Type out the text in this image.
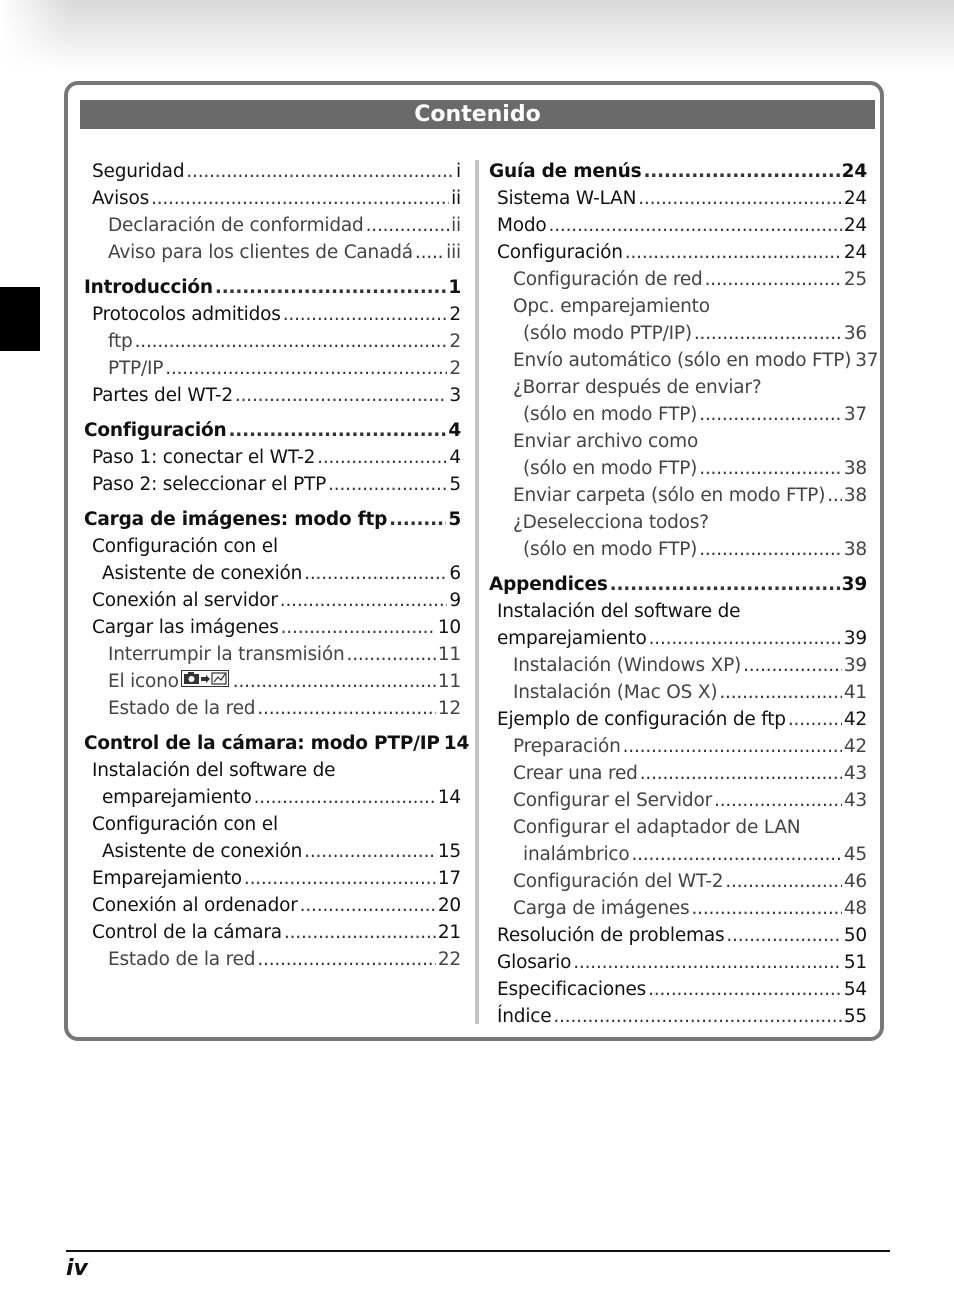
Contenido
Seguridad .....	i
Avisos .....	ii
Declaración de conformidad .....	ii
Aviso para los clientes de Canadá ..... iii
Introducción .....	1
Protocolos admitidos .....	2
ftp .....	2
PTP/IP .....	2
Partes del WT-2 .....	3
Configuración .....	4
Paso 1: conectar el WT-2 .....	4
Paso 2: seleccionar el PTP .....	5
Carga de imágenes: modo ftp .....	5
Configuración con el
Asistente de conexión .....	6
Conexión al servidor .....	9
Cargar las imágenes .....	10
Interrumpir la transmisión .....	11
El icono .....	11
Estado de la red .....	12
Control de la cámara: modo PTP/IP 14
Instalación del software de
emparejamiento .....	14
Configuración con el
Asistente de conexión .....	15
Emparejamiento .....	17
Conexión al ordenador .....	20
Control de la cámara .....	21
Estado de la red .....	22
Guía de menús .....	24
Sistema W-LAN .....	24
Modo .....	24
Configuración .....	24
Configuración de red .....	25
Opc. emparejamiento
(sólo modo PTP/IP) .....	36
Envío automático (sólo en modo FTP) 37
¿Borrar después de enviar?
(sólo en modo FTP) .....	37
Enviar archivo como
(sólo en modo FTP) .....	38
Enviar carpeta (sólo en modo FTP) ..... 38
¿Deselecciona todos?
(sólo en modo FTP) .....	38
Appendices .....	39
Instalación del software de
emparejamiento .....	39
Instalación (Windows XP) .....	39
Instalación (Mac OS X) .....	41
Ejemplo de configuración de ftp .....	42
Preparación .....	42
Crear una red .....	43
Configurar el Servidor .....	43
Configurar el adaptador de LAN
inalámbrico .....	45
Configuración del WT-2 .....	46
Carga de imágenes .....	48
Resolución de problemas .....	50
Glosario .....	51
Especificaciones .....	54
Índice .....	55
iv
